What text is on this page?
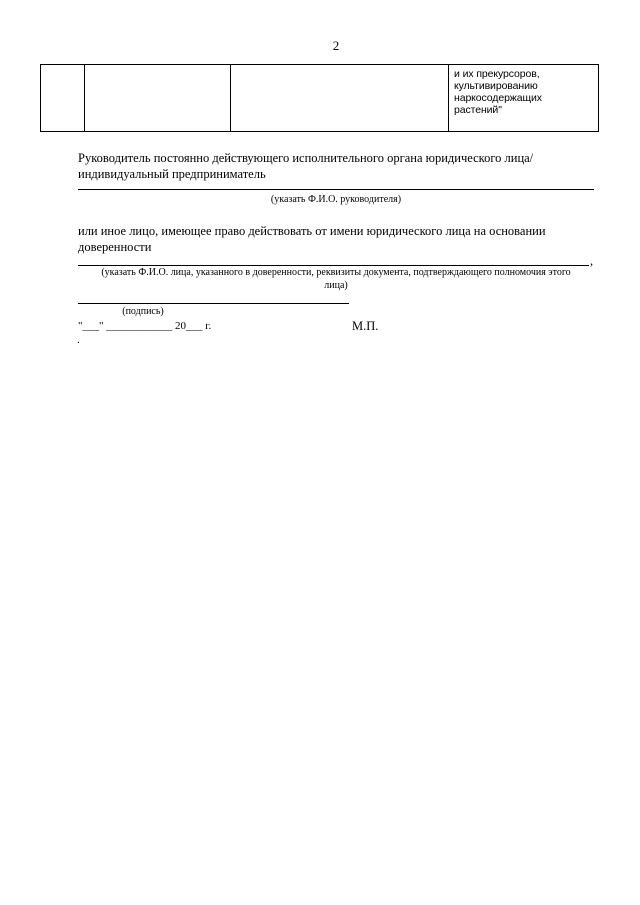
2

и их прекурсоров,
культивированию
наркосодержащих
растений"
Руководитель постоянно действующего исполнительного органа юридического лица/
индивидуальный предприниматель
(указать Ф.И.О. руководителя)
или иное лицо, имеющее право действовать от имени юридического лица на основании
доверенности
,
(указать Ф.И.О. лица, указанного в доверенности, реквизиты документа, подтверждающего полномочия этого
лица)
(подпись)
"___" ____________ 20___ г.	М.П.
.
